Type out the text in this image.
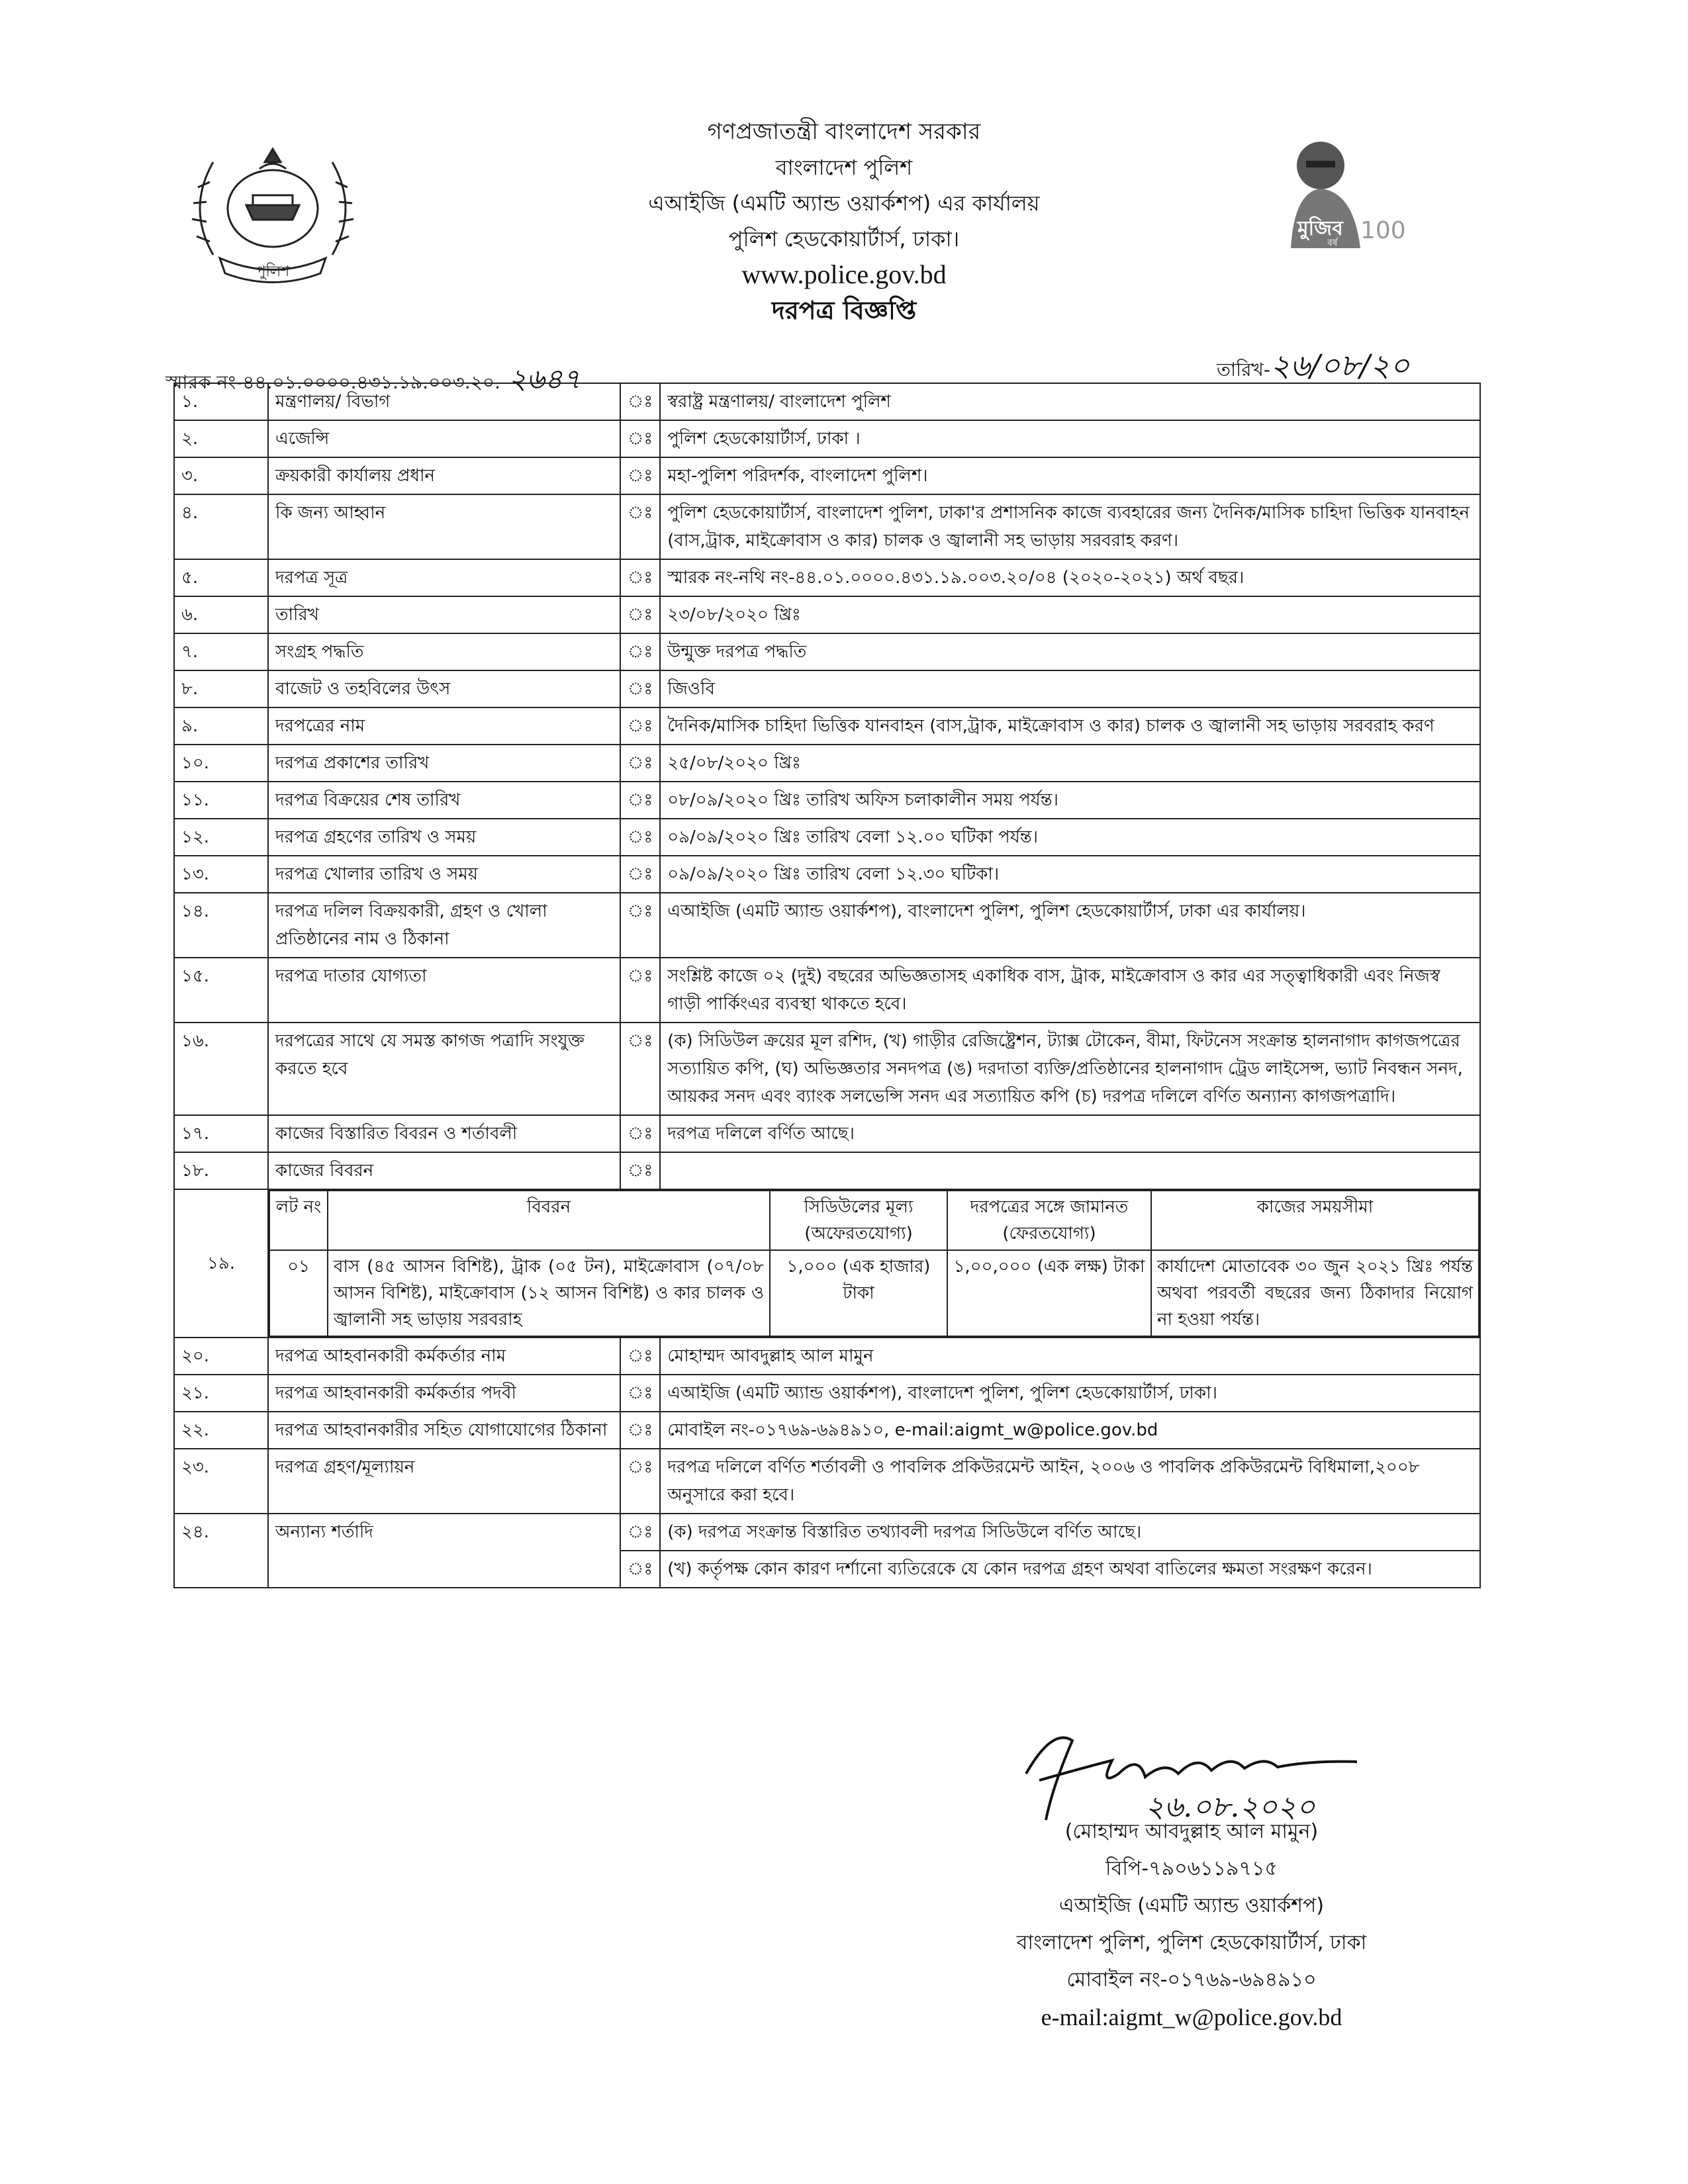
পুলিশ
মুজিব
বর্ষ 100
গণপ্রজাতন্ত্রী বাংলাদেশ সরকার
বাংলাদেশ পুলিশ
এআইজি (এমটি অ্যান্ড ওয়ার্কশপ) এর কার্যালয়
পুলিশ হেডকোয়ার্টার্স, ঢাকা।
www.police.gov.bd
দরপত্র বিজ্ঞপ্তি
স্মারক নং-৪৪.০১.০০০০.৪৩১.১৯.০০৩.২০. ২৬৪৭	তারিখ-২৬/০৮/২০
১.	মন্ত্রণালয়/ বিভাগ	ঃ	স্বরাষ্ট্র মন্ত্রণালয়/ বাংলাদেশ পুলিশ
২.	এজেন্সি	ঃ	পুলিশ হেডকোয়ার্টার্স, ঢাকা ।
৩.	ক্রয়কারী কার্যালয় প্রধান	ঃ	মহা-পুলিশ পরিদর্শক, বাংলাদেশ পুলিশ।
৪.	কি জন্য আহ্বান	ঃ	পুলিশ হেডকোয়ার্টার্স, বাংলাদেশ পুলিশ, ঢাকা'র প্রশাসনিক কাজে ব্যবহারের জন্য দৈনিক/মাসিক চাহিদা ভিত্তিক যানবাহন (বাস,ট্রাক, মাইক্রোবাস ও কার) চালক ও জ্বালানী সহ ভাড়ায় সরবরাহ করণ।
৫.	দরপত্র সূত্র	ঃ	স্মারক নং-নথি নং-৪৪.০১.০০০০.৪৩১.১৯.০০৩.২০/০৪ (২০২০-২০২১) অর্থ বছর।
৬.	তারিখ	ঃ	২৩/০৮/২০২০ খ্রিঃ
৭.	সংগ্রহ পদ্ধতি	ঃ	উন্মুক্ত দরপত্র পদ্ধতি
৮.	বাজেট ও তহবিলের উৎস	ঃ	জিওবি
৯.	দরপত্রের নাম	ঃ	দৈনিক/মাসিক চাহিদা ভিত্তিক যানবাহন (বাস,ট্রাক, মাইক্রোবাস ও কার) চালক ও জ্বালানী সহ ভাড়ায় সরবরাহ করণ
১০.	দরপত্র প্রকাশের তারিখ	ঃ	২৫/০৮/২০২০ খ্রিঃ
১১.	দরপত্র বিক্রয়ের শেষ তারিখ	ঃ	০৮/০৯/২০২০ খ্রিঃ তারিখ অফিস চলাকালীন সময় পর্যন্ত।
১২.	দরপত্র গ্রহণের তারিখ ও সময়	ঃ	০৯/০৯/২০২০ খ্রিঃ তারিখ বেলা ১২.০০ ঘটিকা পর্যন্ত।
১৩.	দরপত্র খোলার তারিখ ও সময়	ঃ	০৯/০৯/২০২০ খ্রিঃ তারিখ বেলা ১২.৩০ ঘটিকা।
১৪.	দরপত্র দলিল বিক্রয়কারী, গ্রহণ ও খোলা প্রতিষ্ঠানের নাম ও ঠিকানা	ঃ	এআইজি (এমটি অ্যান্ড ওয়ার্কশপ), বাংলাদেশ পুলিশ, পুলিশ হেডকোয়ার্টার্স, ঢাকা এর কার্যালয়।
১৫.	দরপত্র দাতার যোগ্যতা	ঃ	সংশ্লিষ্ট কাজে ০২ (দুই) বছরের অভিজ্ঞতাসহ একাধিক বাস, ট্রাক, মাইক্রোবাস ও কার এর সত্ত্বাধিকারী এবং নিজস্ব গাড়ী পার্কিংএর ব্যবস্থা থাকতে হবে।
১৬.	দরপত্রের সাথে যে সমস্ত কাগজ পত্রাদি সংযুক্ত করতে হবে	ঃ	(ক) সিডিউল ক্রয়ের মূল রশিদ, (খ) গাড়ীর রেজিষ্ট্রেশন, ট্যাক্স টোকেন, বীমা, ফিটনেস সংক্রান্ত হালনাগাদ কাগজপত্রের সত্যায়িত কপি, (ঘ) অভিজ্ঞতার সনদপত্র (ঙ) দরদাতা ব্যক্তি/প্রতিষ্ঠানের হালনাগাদ ট্রেড লাইসেন্স, ভ্যাট নিবন্ধন সনদ, আয়কর সনদ এবং ব্যাংক সলভেন্সি সনদ এর সত্যায়িত কপি (চ) দরপত্র দলিলে বর্ণিত অন্যান্য কাগজপত্রাদি।
১৭.	কাজের বিস্তারিত বিবরন ও শর্তাবলী	ঃ	দরপত্র দলিলে বর্ণিত আছে।
১৮.	কাজের বিবরন	ঃ	
১৯.	
লট নং	বিবরন	সিডিউলের মূল্য (অফেরতযোগ্য)	দরপত্রের সঙ্গে জামানত (ফেরতযোগ্য)	কাজের সময়সীমা
০১	বাস (৪৫ আসন বিশিষ্ট), ট্রাক (০৫ টন), মাইক্রোবাস (০৭/০৮ আসন বিশিষ্ট), মাইক্রোবাস (১২ আসন বিশিষ্ট) ও কার চালক ও জ্বালানী সহ ভাড়ায় সরবরাহ	১,০০০ (এক হাজার) টাকা	১,০০,০০০ (এক লক্ষ) টাকা	কার্যাদেশ মোতাবেক ৩০ জুন ২০২১ খ্রিঃ পর্যন্ত অথবা পরবর্তী বছরের জন্য ঠিকাদার নিয়োগ না হওয়া পর্যন্ত।

২০.	দরপত্র আহবানকারী কর্মকর্তার নাম	ঃ	মোহাম্মদ আবদুল্লাহ আল মামুন
২১.	দরপত্র আহবানকারী কর্মকর্তার পদবী	ঃ	এআইজি (এমটি অ্যান্ড ওয়ার্কশপ), বাংলাদেশ পুলিশ, পুলিশ হেডকোয়ার্টার্স, ঢাকা।
২২.	দরপত্র আহবানকারীর সহিত যোগাযোগের ঠিকানা	ঃ	মোবাইল নং-০১৭৬৯-৬৯৪৯১০, e-mail:aigmt_w@police.gov.bd
২৩.	দরপত্র গ্রহণ/মূল্যায়ন	ঃ	দরপত্র দলিলে বর্ণিত শর্তাবলী ও পাবলিক প্রকিউরমেন্ট আইন, ২০০৬ ও পাবলিক প্রকিউরমেন্ট বিধিমালা,২০০৮ অনুসারে করা হবে।
২৪.	অন্যান্য শর্তাদি	ঃ	(ক) দরপত্র সংক্রান্ত বিস্তারিত তথ্যাবলী দরপত্র সিডিউলে বর্ণিত আছে।
ঃ	(খ) কর্তৃপক্ষ কোন কারণ দর্শানো ব্যতিরেকে যে কোন দরপত্র গ্রহণ অথবা বাতিলের ক্ষমতা সংরক্ষণ করেন।
২৬.০৮.২০২০
(মোহাম্মদ আবদুল্লাহ আল মামুন)
বিপি-৭৯০৬১১৯৭১৫
এআইজি (এমটি অ্যান্ড ওয়ার্কশপ)
বাংলাদেশ পুলিশ, পুলিশ হেডকোয়ার্টার্স, ঢাকা
মোবাইল নং-০১৭৬৯-৬৯৪৯১০
e-mail:aigmt_w@police.gov.bd
